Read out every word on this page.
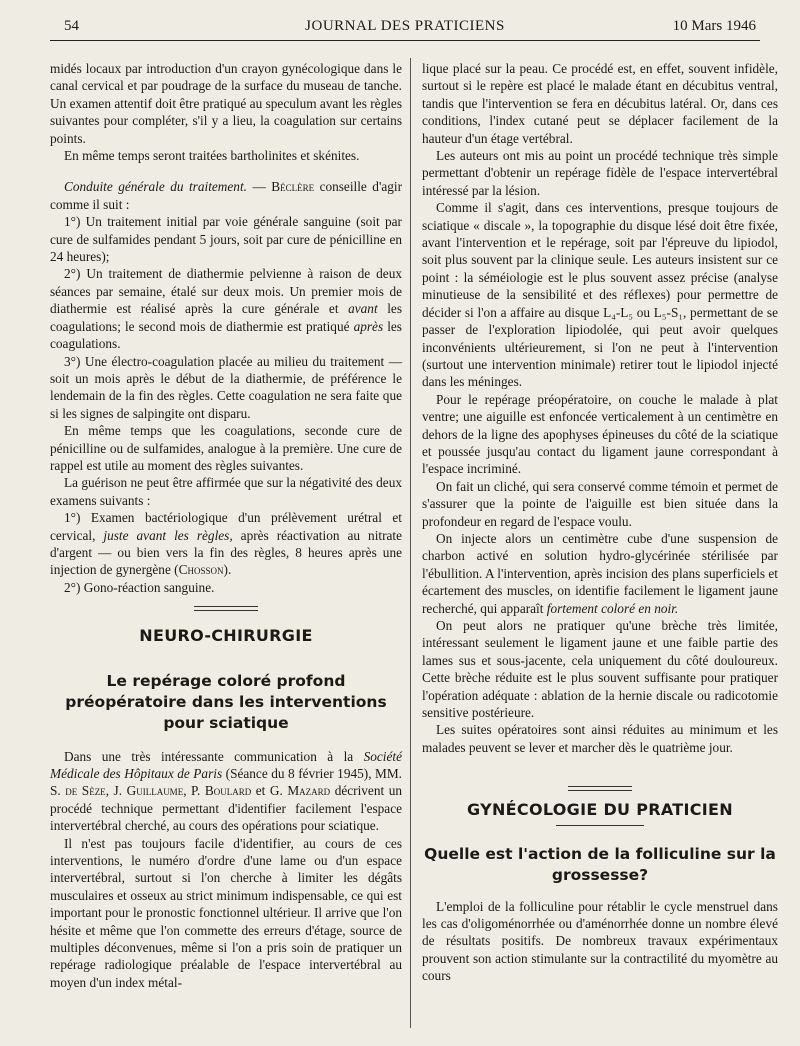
54	JOURNAL DES PRATICIENS	10 Mars 1946

midés locaux par introduction d'un crayon gynécologique dans le canal cervical et par poudrage de la surface du museau de tanche. Un examen attentif doit être pratiqué au speculum avant les règles suivantes pour compléter, s'il y a lieu, la coagulation sur certains points.

En même temps seront traitées bartholinites et skénites.

Conduite générale du traitement. — Béclère conseille d'agir comme il suit :

1°) Un traitement initial par voie générale sanguine (soit par cure de sulfamides pendant 5 jours, soit par cure de pénicilline en 24 heures);

2°) Un traitement de diathermie pelvienne à raison de deux séances par semaine, étalé sur deux mois. Un premier mois de diathermie est réalisé après la cure générale et avant les coagulations; le second mois de diathermie est pratiqué après les coagulations.

3°) Une électro-coagulation placée au milieu du traitement — soit un mois après le début de la diathermie, de préférence le lendemain de la fin des règles. Cette coagulation ne sera faite que si les signes de salpingite ont disparu.

En même temps que les coagulations, seconde cure de pénicilline ou de sulfamides, analogue à la première. Une cure de rappel est utile au moment des règles suivantes.

La guérison ne peut être affirmée que sur la négativité des deux examens suivants :

1°) Examen bactériologique d'un prélèvement urétral et cervical, juste avant les règles, après réactivation au nitrate d'argent — ou bien vers la fin des règles, 8 heures après une injection de gynergène (Chosson).

2°) Gono-réaction sanguine.

NEURO-CHIRURGIE
Le repérage coloré profond préopératoire dans les interventions pour sciatique

Dans une très intéressante communication à la Société Médicale des Hôpitaux de Paris (Séance du 8 février 1945), MM. S. de Sèze, J. Guillaume, P. Boulard et G. Mazard décrivent un procédé technique permettant d'identifier facilement l'espace intervertébral cherché, au cours des opérations pour sciatique.

Il n'est pas toujours facile d'identifier, au cours de ces interventions, le numéro d'ordre d'une lame ou d'un espace intervertébral, surtout si l'on cherche à limiter les dégâts musculaires et osseux au strict minimum indispensable, ce qui est important pour le pronostic fonctionnel ultérieur. Il arrive que l'on hésite et même que l'on commette des erreurs d'étage, source de multiples déconvenues, même si l'on a pris soin de pratiquer un repérage radiologique préalable de l'espace intervertébral au moyen d'un index métal-

lique placé sur la peau. Ce procédé est, en effet, souvent infidèle, surtout si le repère est placé le malade étant en décubitus ventral, tandis que l'intervention se fera en décubitus latéral. Or, dans ces conditions, l'index cutané peut se déplacer facilement de la hauteur d'un étage vertébral.

Les auteurs ont mis au point un procédé technique très simple permettant d'obtenir un repérage fidèle de l'espace intervertébral intéressé par la lésion.

Comme il s'agit, dans ces interventions, presque toujours de sciatique « discale », la topographie du disque lésé doit être fixée, avant l'intervention et le repérage, soit par l'épreuve du lipiodol, soit plus souvent par la clinique seule. Les auteurs insistent sur ce point : la séméiologie est le plus souvent assez précise (analyse minutieuse de la sensibilité et des réflexes) pour permettre de décider si l'on a affaire au disque L₄-L₅ ou L₅-S₁, permettant de se passer de l'exploration lipiodolée, qui peut avoir quelques inconvénients ultérieurement, si l'on ne peut à l'intervention (surtout une intervention minimale) retirer tout le lipiodol injecté dans les méninges.

Pour le repérage préopératoire, on couche le malade à plat ventre; une aiguille est enfoncée verticalement à un centimètre en dehors de la ligne des apophyses épineuses du côté de la sciatique et poussée jusqu'au contact du ligament jaune correspondant à l'espace incriminé.

On fait un cliché, qui sera conservé comme témoin et permet de s'assurer que la pointe de l'aiguille est bien située dans la profondeur en regard de l'espace voulu.

On injecte alors un centimètre cube d'une suspension de charbon activé en solution hydro-glycérinée stérilisée par l'ébullition. A l'intervention, après incision des plans superficiels et écartement des muscles, on identifie facilement le ligament jaune recherché, qui apparaît fortement coloré en noir.

On peut alors ne pratiquer qu'une brèche très limitée, intéressant seulement le ligament jaune et une faible partie des lames sus et sous-jacente, cela uniquement du côté douloureux. Cette brèche réduite est le plus souvent suffisante pour pratiquer l'opération adéquate : ablation de la hernie discale ou radicotomie sensitive postérieure.

Les suites opératoires sont ainsi réduites au minimum et les malades peuvent se lever et marcher dès le quatrième jour.

GYNÉCOLOGIE DU PRATICIEN
Quelle est l'action de la folliculine sur la grossesse?

L'emploi de la folliculine pour rétablir le cycle menstruel dans les cas d'oligoménorrhée ou d'aménorrhée donne un nombre élevé de résultats positifs. De nombreux travaux expérimentaux prouvent son action stimulante sur la contractilité du myomètre au cours
